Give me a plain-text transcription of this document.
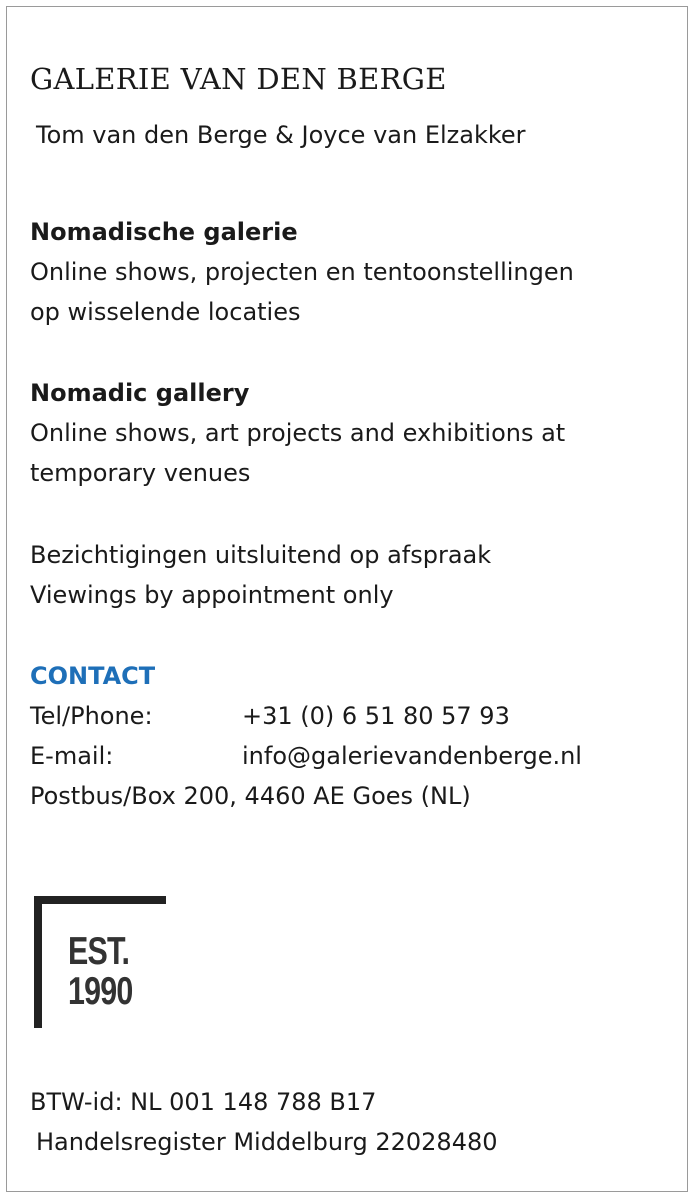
GALERIE VAN DEN BERGE
Tom van den Berge & Joyce van Elzakker
Nomadische galerie
Online shows, projecten en tentoonstellingen
op wisselende locaties
Nomadic gallery
Online shows, art projects and exhibitions at
temporary venues
Bezichtigingen uitsluitend op afspraak
Viewings by appointment only
CONTACT
Tel/Phone:	+31 (0) 6 51 80 57 93
E-mail:	info@galerievandenberge.nl
Postbus/Box 200, 4460 AE Goes (NL)
EST.
1990
BTW-id: NL 001 148 788 B17
Handelsregister Middelburg 22028480
